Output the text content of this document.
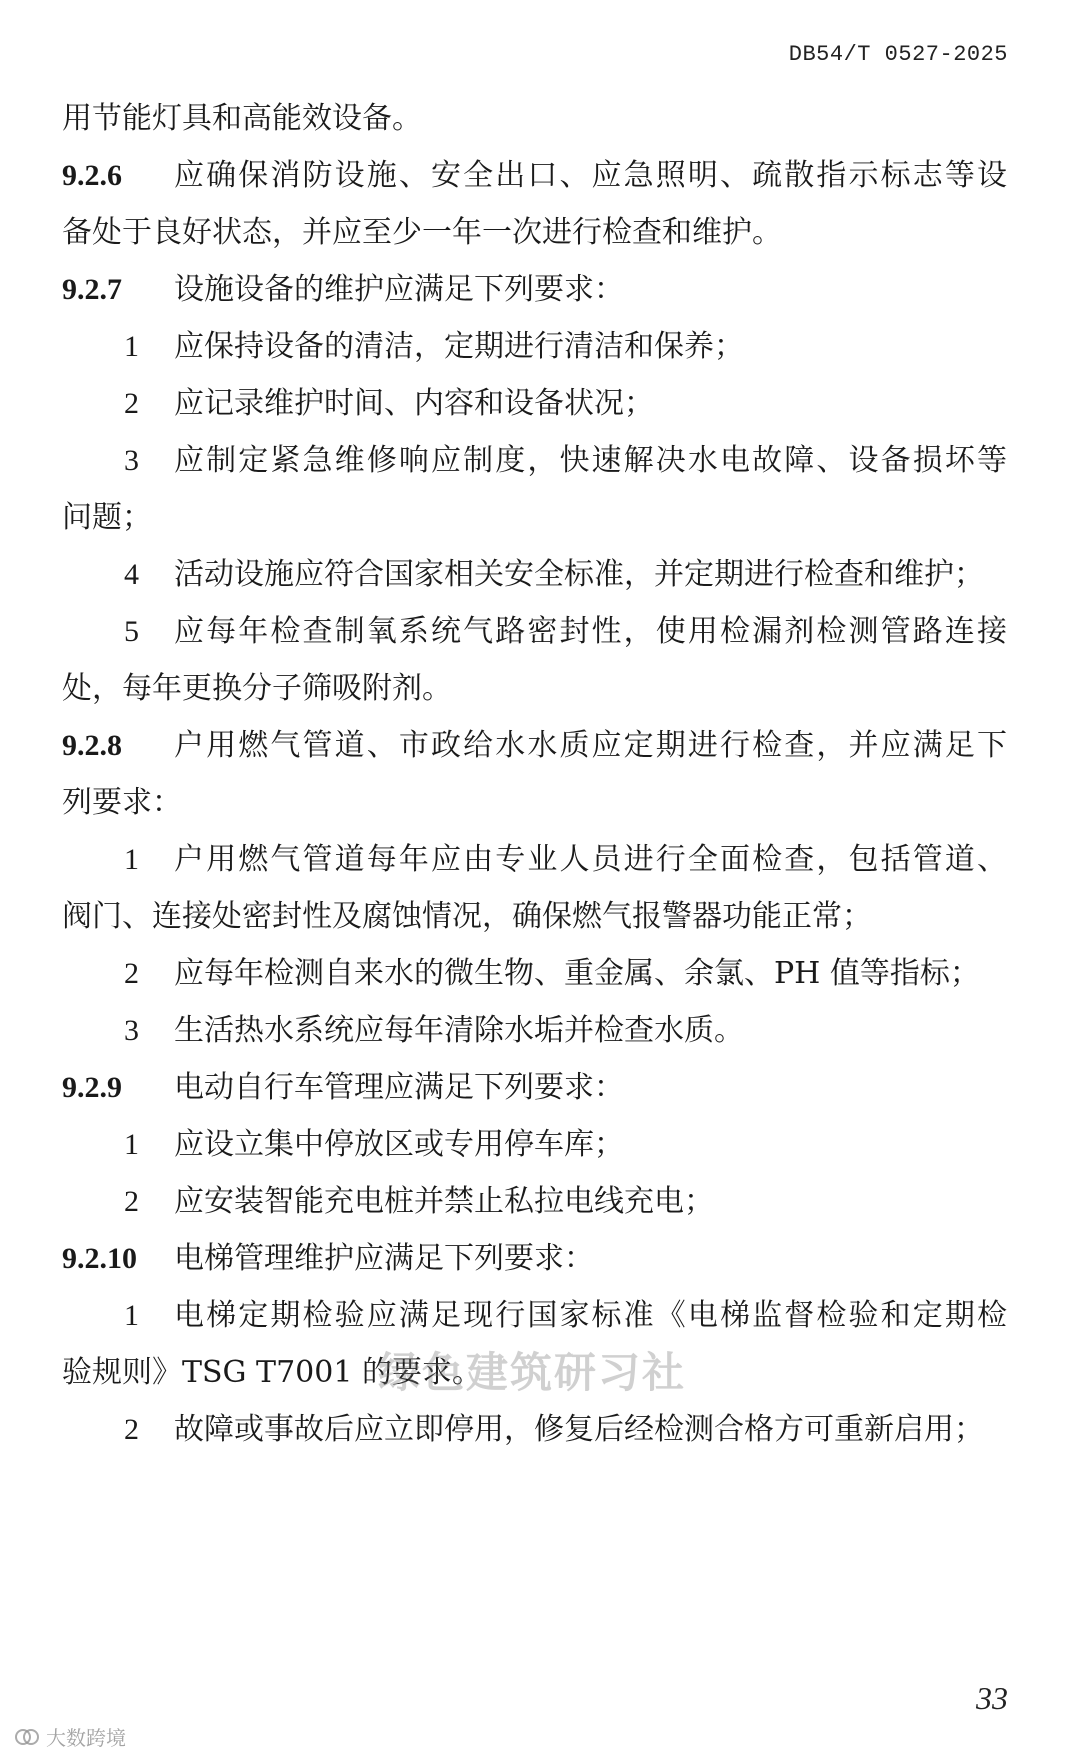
DB54/T 0527-2025
用节能灯具和高能效设备。
9.2.6 应确保消防设施、安全出口、应急照明、疏散指示标志等设
备处于良好状态，并应至少一年一次进行检查和维护。
9.2.7 设施设备的维护应满足下列要求：
1 应保持设备的清洁，定期进行清洁和保养；
2 应记录维护时间、内容和设备状况；
3 应制定紧急维修响应制度，快速解决水电故障、设备损坏等
问题；
4 活动设施应符合国家相关安全标准，并定期进行检查和维护；
5 应每年检查制氧系统气路密封性，使用检漏剂检测管路连接
处，每年更换分子筛吸附剂。
9.2.8 户用燃气管道、市政给水水质应定期进行检查，并应满足下
列要求：
1 户用燃气管道每年应由专业人员进行全面检查，包括管道、
阀门、连接处密封性及腐蚀情况，确保燃气报警器功能正常；
2 应每年检测自来水的微生物、重金属、余氯、PH 值等指标；
3 生活热水系统应每年清除水垢并检查水质。
9.2.9 电动自行车管理应满足下列要求：
1 应设立集中停放区或专用停车库；
2 应安装智能充电桩并禁止私拉电线充电；
9.2.10 电梯管理维护应满足下列要求：
1 电梯定期检验应满足现行国家标准《电梯监督检验和定期检
验规则》TSG T7001 的要求。
2 故障或事故后应立即停用，修复后经检测合格方可重新启用；
绿色建筑研习社
33
大数跨境
